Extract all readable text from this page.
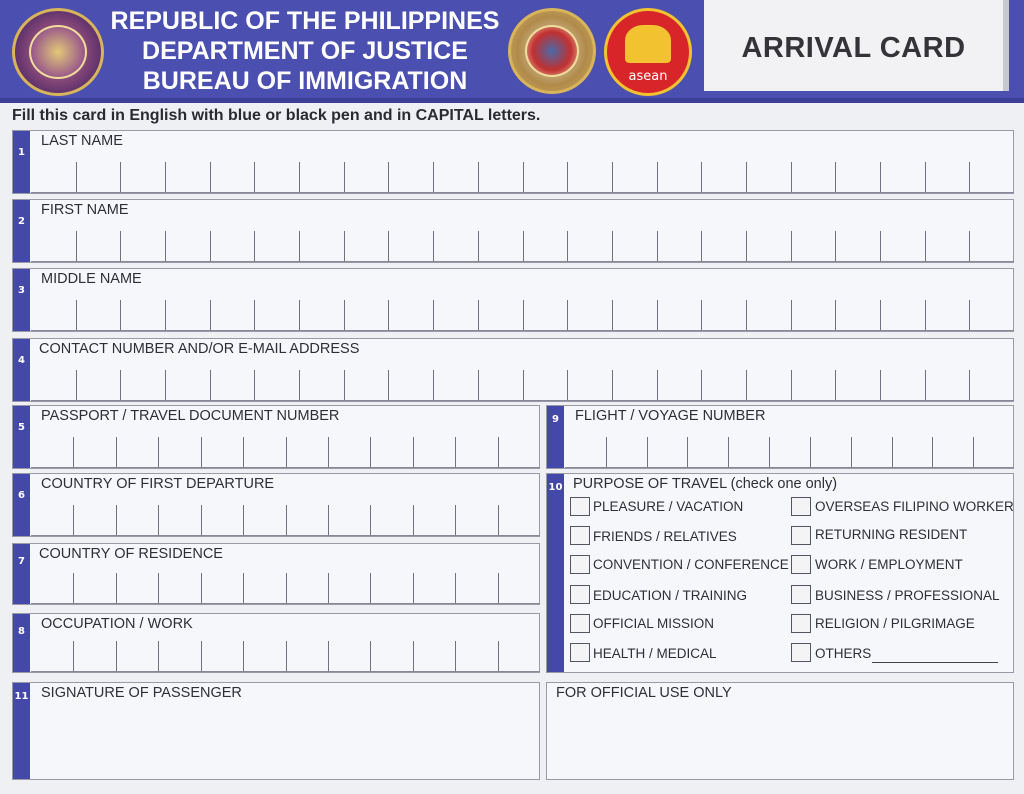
REPUBLIC OF THE PHILIPPINES
DEPARTMENT OF JUSTICE
BUREAU OF IMMIGRATION	asean
ARRIVAL CARD
Fill this card in English with blue or black pen and in CAPITAL letters.
1
LAST NAME
2
FIRST NAME
3
MIDDLE NAME
4
CONTACT NUMBER AND/OR E-MAIL ADDRESS
5
PASSPORT / TRAVEL DOCUMENT NUMBER	9	FLIGHT / VOYAGE NUMBER
6
COUNTRY OF FIRST DEPARTURE
7 COUNTRY OF RESIDENCE
8	OCCUPATION / WORK
10 PURPOSE OF TRAVEL (check one only)
PLEASURE / VACATION
FRIENDS / RELATIVES
CONVENTION / CONFERENCE
EDUCATION / TRAINING
OFFICIAL MISSION
HEALTH / MEDICAL
OVERSEAS FILIPINO WORKER
RETURNING RESIDENT
WORK / EMPLOYMENT
BUSINESS / PROFESSIONAL
RELIGION / PILGRIMAGE
OTHERS
11 SIGNATURE OF PASSENGER	FOR OFFICIAL USE ONLY
